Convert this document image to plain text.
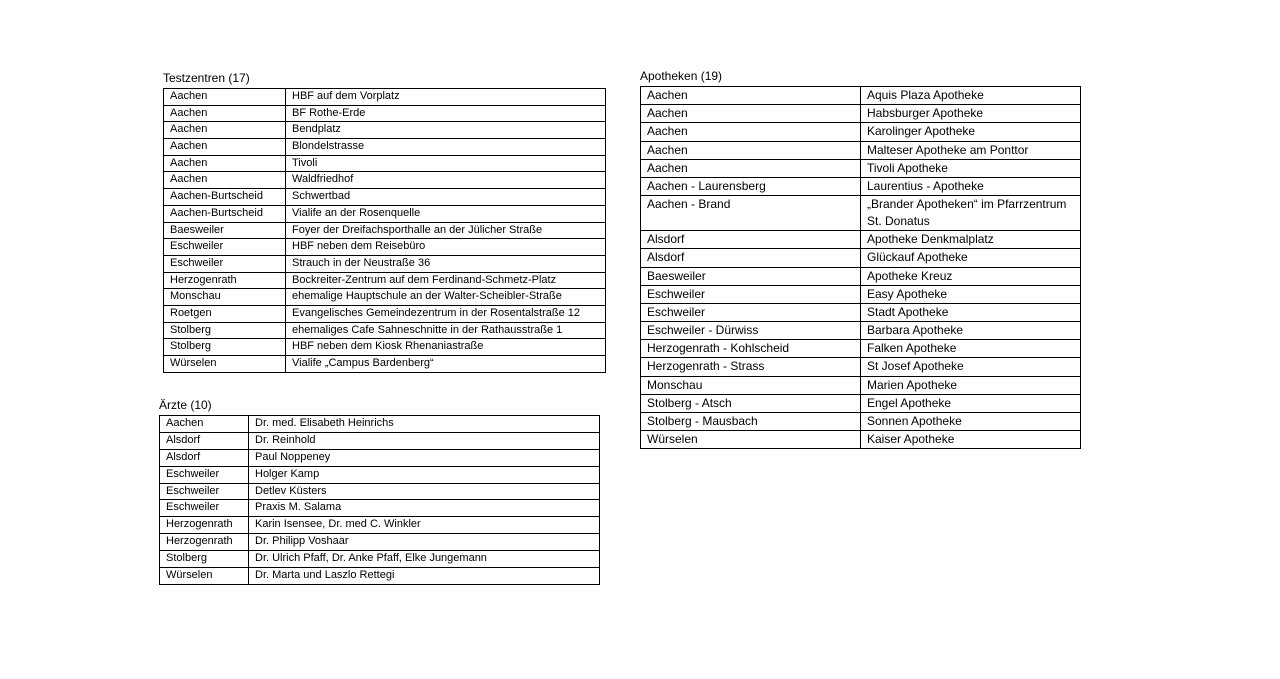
Testzentren (17)
Aachen	HBF auf dem Vorplatz
Aachen	BF Rothe-Erde
Aachen	Bendplatz
Aachen	Blondelstrasse
Aachen	Tivoli
Aachen	Waldfriedhof
Aachen-Burtscheid	Schwertbad
Aachen-Burtscheid	Vialife an der Rosenquelle
Baesweiler	Foyer der Dreifachsporthalle an der Jülicher Straße
Eschweiler	HBF neben dem Reisebüro
Eschweiler	Strauch in der Neustraße 36
Herzogenrath	Bockreiter-Zentrum auf dem Ferdinand-Schmetz-Platz
Monschau	ehemalige Hauptschule an der Walter-Scheibler-Straße
Roetgen	Evangelisches Gemeindezentrum in der Rosentalstraße 12
Stolberg	ehemaliges Cafe Sahneschnitte in der Rathausstraße 1
Stolberg	HBF neben dem Kiosk Rhenaniastraße
Würselen	Vialife „Campus Bardenberg“
Ärzte (10)
Aachen	Dr. med. Elisabeth Heinrichs
Alsdorf	Dr. Reinhold
Alsdorf	Paul Noppeney
Eschweiler	Holger Kamp
Eschweiler	Detlev Küsters
Eschweiler	Praxis M. Salama
Herzogenrath	Karin Isensee, Dr. med C. Winkler
Herzogenrath	Dr. Philipp Voshaar
Stolberg	Dr. Ulrich Pfaff, Dr. Anke Pfaff, Elke Jungemann
Würselen	Dr. Marta und Laszlo Rettegi
Apotheken (19)
Aachen	Aquis Plaza Apotheke
Aachen	Habsburger Apotheke
Aachen	Karolinger Apotheke
Aachen	Malteser Apotheke am Ponttor
Aachen	Tivoli Apotheke
Aachen - Laurensberg	Laurentius - Apotheke
Aachen - Brand	„Brander Apotheken“ im Pfarrzentrum St. Donatus
Alsdorf	Apotheke Denkmalplatz
Alsdorf	Glückauf Apotheke
Baesweiler	Apotheke Kreuz
Eschweiler	Easy Apotheke
Eschweiler	Stadt Apotheke
Eschweiler - Dürwiss	Barbara Apotheke
Herzogenrath - Kohlscheid	Falken Apotheke
Herzogenrath - Strass	St Josef Apotheke
Monschau	Marien Apotheke
Stolberg - Atsch	Engel Apotheke
Stolberg - Mausbach	Sonnen Apotheke
Würselen	Kaiser Apotheke
